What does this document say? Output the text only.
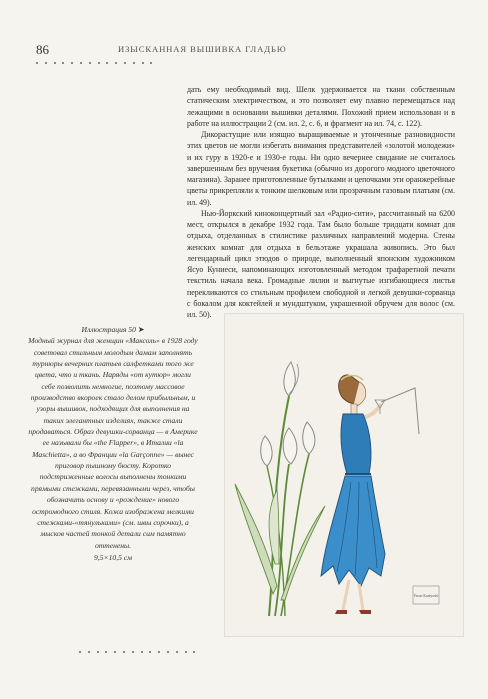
86	ИЗЫСКАННАЯ ВЫШИВКА ГЛАДЬЮ

дать ему необходимый вид. Шелк удерживается на ткани собственным статическим электричеством, и это позволяет ему плавно перемещаться над лежащими в основании вышивки деталями. Похожий прием использован и в работе на иллюстрации 2 (см. ил. 2, с. 6, и фрагмент на ил. 74, с. 122).

Дикорастущие или изящно выращиваемые и утонченные разновидности этих цветов не могли избегать внимания представителей «золотой молодежи» и их гуру в 1920-е и 1930-е годы. Ни одно вечернее свидание не считалось завершенным без вручения букетика (обычно из дорогого модного цветочного магазина). Заранее приготовленные бутылками и цепочками эти оранжерейные цветы прикрепляли к тонким шелковым или прозрачным газовым платьям (см. ил. 49).

Нью-Йоркский киноконцертный зал «Радио-сити», рассчитанный на 6200 мест, открылся в декабре 1932 года. Там было больше тридцати комнат для отдыха, отделанных в стилистике различных направлений модерна. Стены женских комнат для отдыха в бельэтаже украшала живопись. Это был легендарный цикл этюдов о природе, выполненный японским художником Ясуо Куниеси, напоминающих изготовленный методом трафаретной печати текстиль начала века. Громадные лилии и выгнутые изгибающиеся листья перекликаются со стильным профилем свободной и легкой девушки-сорванца с бокалом для коктейлей и мундштуком, украшенной обручем для волос (см. ил. 50).

Иллюстрация 50 ➤
Модный журнал для женщин «Максоль» в 1928 году советовал стильным молодым дамам заполнять турнюры вечерних платьев салфетками того же цвета, что и ткань. Наряды «от кутюр» могли себе позволить немногие, поэтому массовое производство вкороек стало делом прибыльным, и узоры вышивок, подходящих для выполнения на таких элегантных изделиях, также стали продаваться. Образ девушки-сорванца — в Америке ее называли бы «the Flapper», в Италии «la Maschietta», а во Франции «la Garçonne» — вынес приговор пышному бюсту. Коротко подстриженные волосы выполнены тонкими прямыми стежками, перевязанными через, чтобы обозначить основу и «рождение» нового остромодного стиля. Кожа изображена мелкими стежками-«тянульками» (см. швы сорочки), а мысков частей тонкой детали сим памятно оттенены.
9,5×10,5 см
Yasuo Kuniyoshi
